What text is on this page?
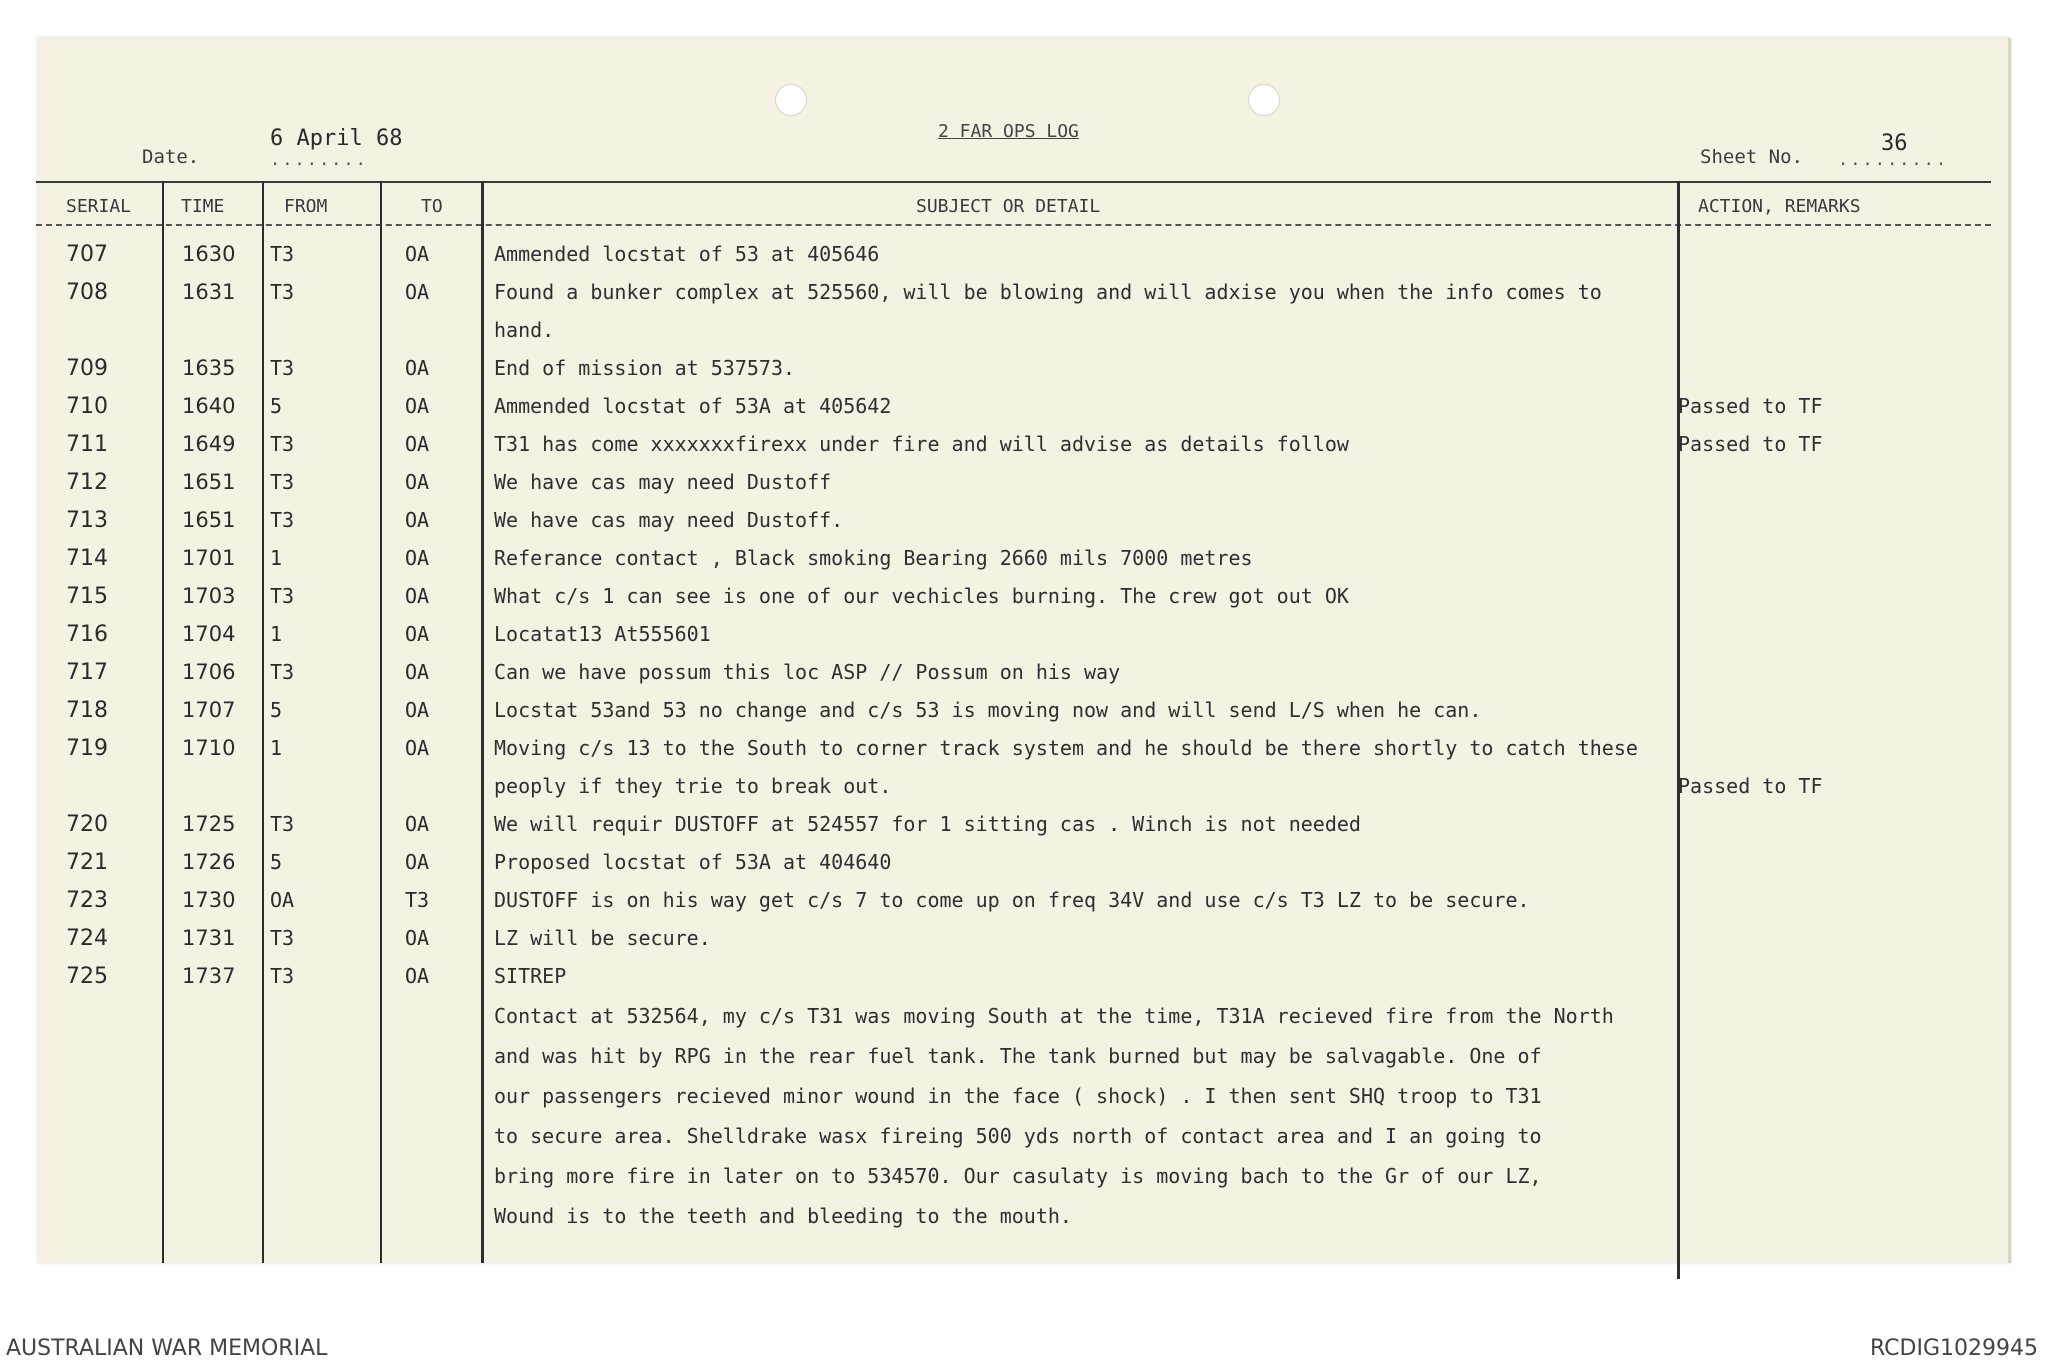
Date.
6 April 68
........
2 FAR OPS LOG
Sheet No.
36
.........
SERIAL	TIME	FROM	TO	SUBJECT OR DETAIL	ACTION, REMARKS
707	1630 T3	OA	Ammended locstat of 53 at 405646
708	1631 T3	OA	Found a bunker complex at 525560, will be blowing and will adxise you when the info comes to
hand.
709	1635 T3	OA	End of mission at 537573.
710	1640 5	OA	Ammended locstat of 53A at 405642	Passed to TF
711	1649 T3	OA	T31 has come xxxxxxxfirexx under fire and will advise as details follow	Passed to TF
712	1651 T3	OA	We have cas may need Dustoff
713	1651 T3	OA	We have cas may need Dustoff.
714	1701 1	OA	Referance contact , Black smoking Bearing 2660 mils 7000 metres
715	1703 T3	OA	What c/s 1 can see is one of our vechicles burning. The crew got out OK
716	1704 1	OA	Locatat13 At555601
717	1706 T3	OA	Can we have possum this loc ASP // Possum on his way
718	1707 5	OA	Locstat 53and 53 no change and c/s 53 is moving now and will send L/S when he can.
719	1710 1	OA	Moving c/s 13 to the South to corner track system and he should be there shortly to catch these
peoply if they trie to break out.	Passed to TF
720	1725 T3	OA	We will requir DUSTOFF at 524557 for 1 sitting cas . Winch is not needed
721	1726 5	OA	Proposed locstat of 53A at 404640
723	1730 OA	T3	DUSTOFF is on his way get c/s 7 to come up on freq 34V and use c/s T3 LZ to be secure.
724	1731 T3	OA	LZ will be secure.
725	1737 T3	OA	SITREP
Contact at 532564, my c/s T31 was moving South at the time, T31A recieved fire from the North
and was hit by RPG in the rear fuel tank. The tank burned but may be salvagable. One of
our passengers recieved minor wound in the face ( shock) . I then sent SHQ troop to T31
to secure area. Shelldrake wasx fireing 500 yds north of contact area and I an going to
bring more fire in later on to 534570. Our casulaty is moving bach to the Gr of our LZ,
Wound is to the teeth and bleeding to the mouth.
AUSTRALIAN WAR MEMORIAL	RCDIG1029945
